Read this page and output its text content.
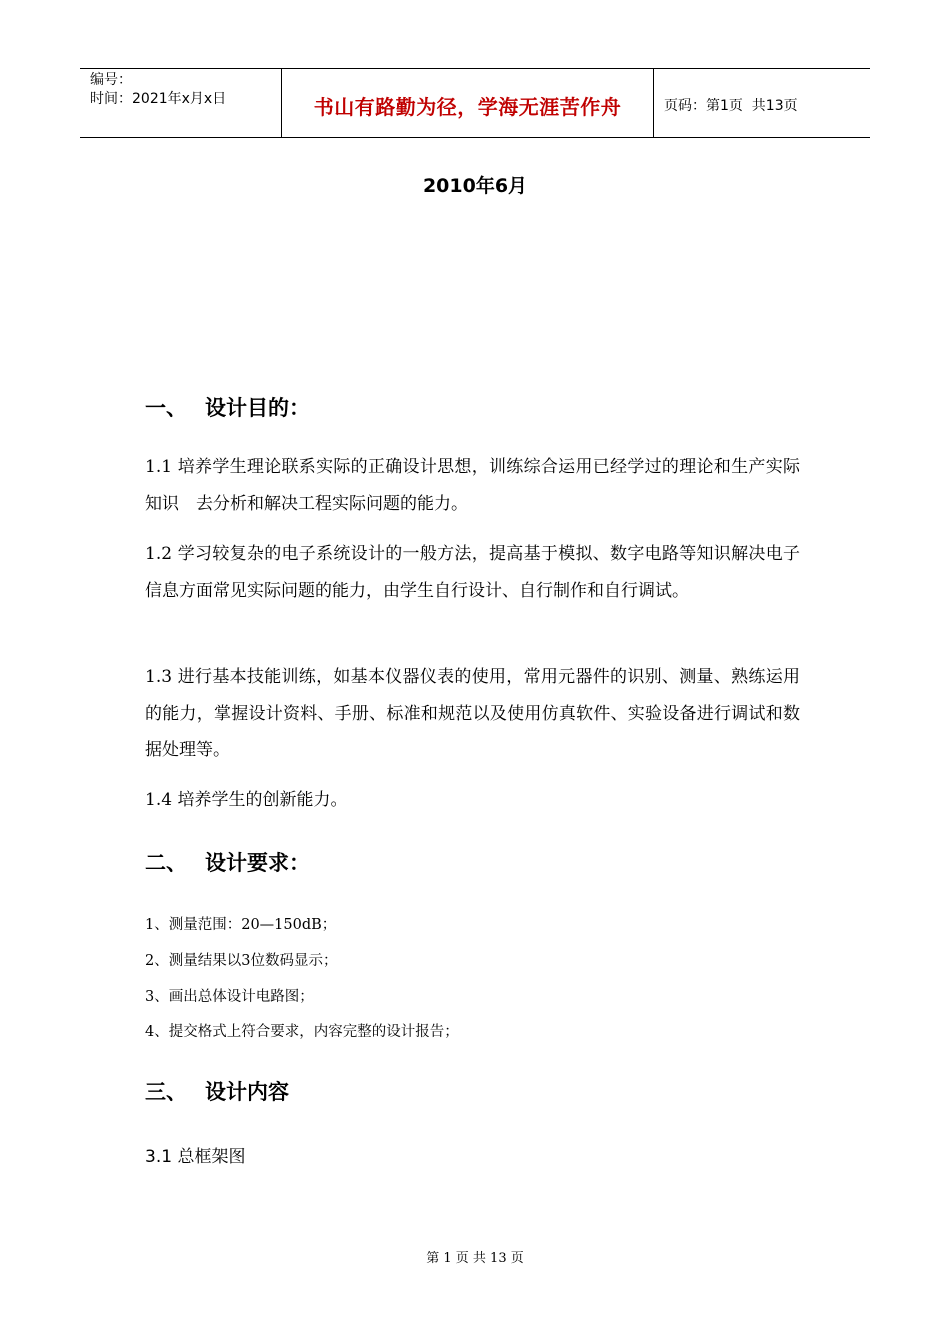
编号：
时间：2021年x月x日	书山有路勤为径，学海无涯苦作舟	页码：第1页  共13页
2010年6月
一、 设计目的：
1.1 培养学生理论联系实际的正确设计思想，训练综合运用已经学过的理论和生产实际知识　去分析和解决工程实际问题的能力。
1.2 学习较复杂的电子系统设计的一般方法，提高基于模拟、数字电路等知识解决电子信息方面常见实际问题的能力，由学生自行设计、自行制作和自行调试。
1.3 进行基本技能训练，如基本仪器仪表的使用，常用元器件的识别、测量、熟练运用的能力，掌握设计资料、手册、标准和规范以及使用仿真软件、实验设备进行调试和数据处理等。
1.4 培养学生的创新能力。
二、 设计要求：
1、测量范围：20—150dB；
2、测量结果以3位数码显示；
3、画出总体设计电路图；
4、提交格式上符合要求，内容完整的设计报告；
三、 设计内容
3.1 总框架图
第 1 页 共 13 页
